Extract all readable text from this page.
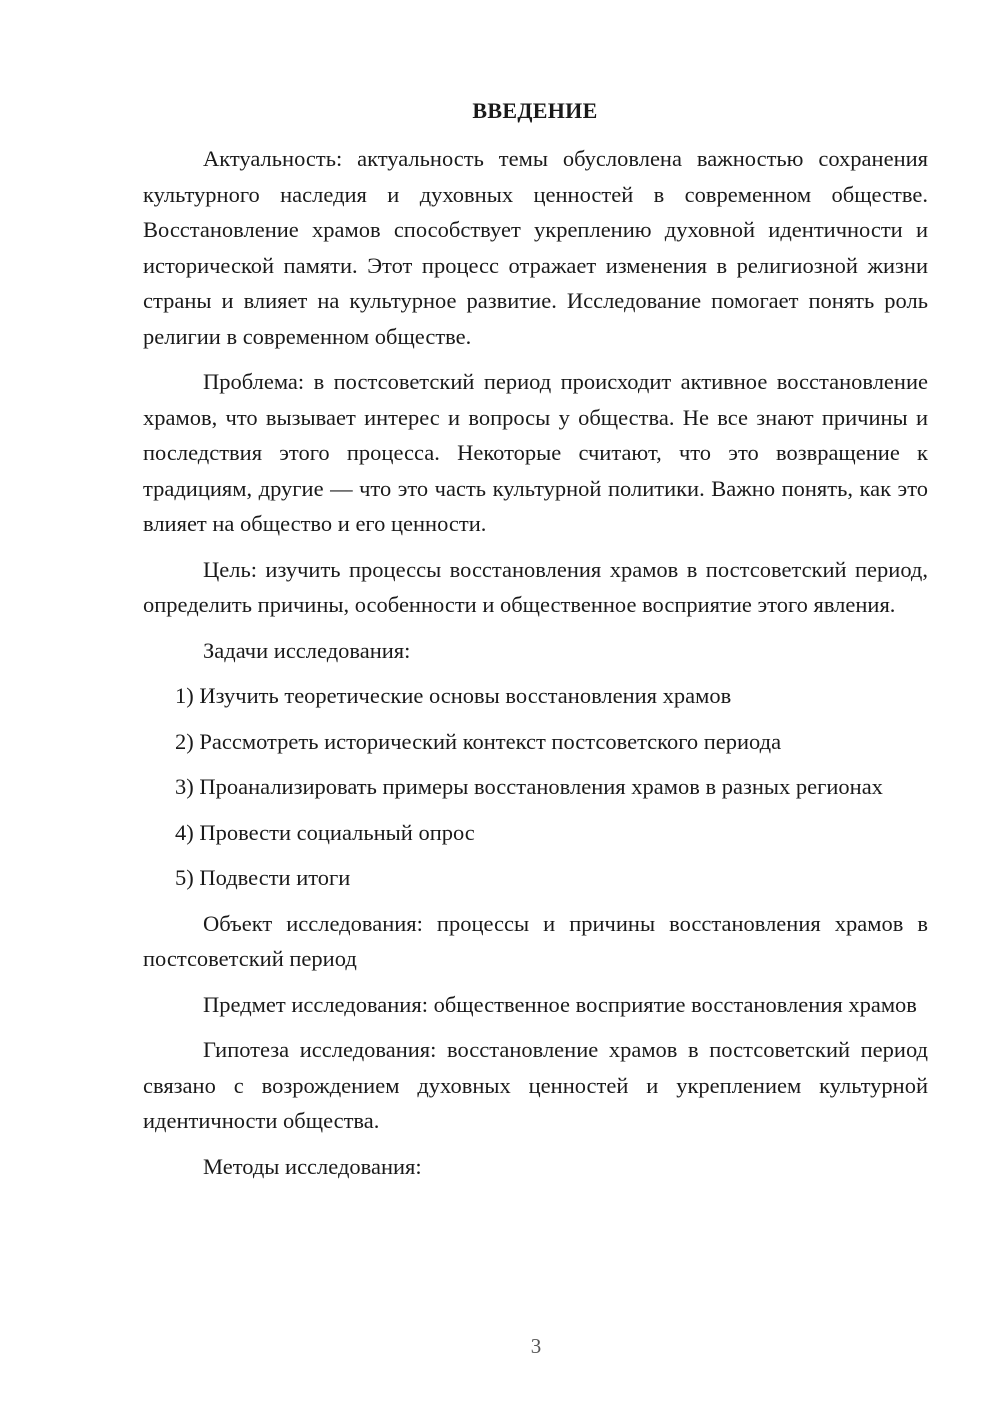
ВВЕДЕНИЕ

Актуальность: актуальность темы обусловлена важностью сохранения культурного наследия и духовных ценностей в современном обществе. Восстановление храмов способствует укреплению духовной идентичности и исторической памяти. Этот процесс отражает изменения в религиозной жизни страны и влияет на культурное развитие. Исследование помогает понять роль религии в современном обществе.

Проблема: в постсоветский период происходит активное восстановление храмов, что вызывает интерес и вопросы у общества. Не все знают причины и последствия этого процесса. Некоторые считают, что это возвращение к традициям, другие — что это часть культурной политики. Важно понять, как это влияет на общество и его ценности.

Цель: изучить процессы восстановления храмов в постсоветский период, определить причины, особенности и общественное восприятие этого явления.

Задачи исследования:

1) Изучить теоретические основы восстановления храмов

2) Рассмотреть исторический контекст постсоветского периода

3) Проанализировать примеры восстановления храмов в разных регионах

4) Провести социальный опрос

5) Подвести итоги

Объект исследования: процессы и причины восстановления храмов в постсоветский период

Предмет исследования: общественное восприятие восстановления храмов

Гипотеза исследования: восстановление храмов в постсоветский период связано с возрождением духовных ценностей и укреплением культурной идентичности общества.

Методы исследования:

3
